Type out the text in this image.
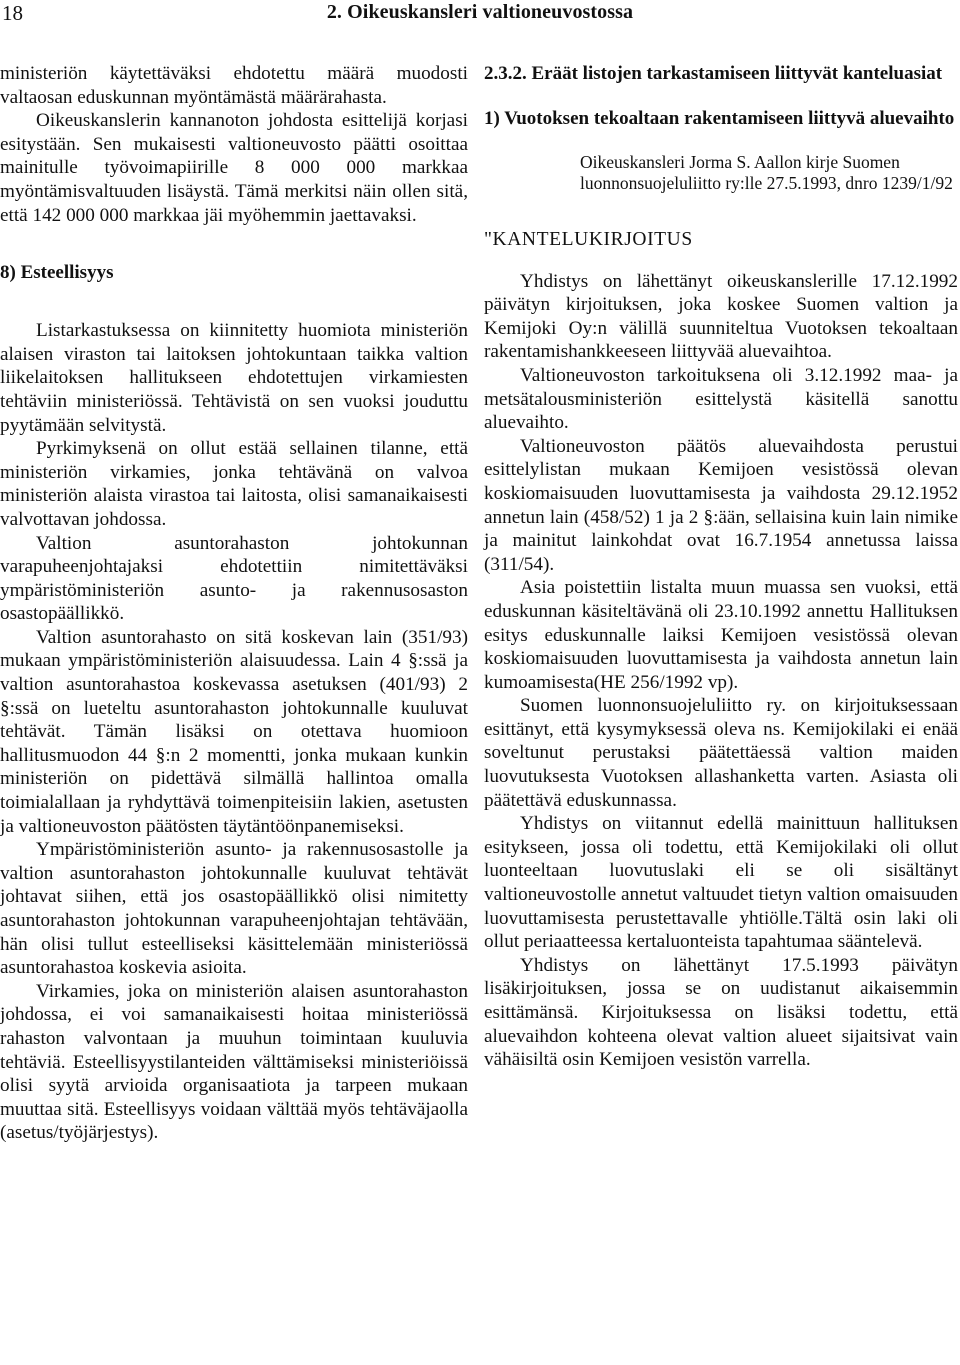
18	2. Oikeuskansleri valtioneuvostossa

ministeriön käytettäväksi ehdotettu määrä muodosti valtaosan eduskunnan myöntämästä määrärahasta.

Oikeuskanslerin kannanoton johdosta esittelijä korjasi esitystään. Sen mukaisesti valtioneuvosto päätti osoittaa mainitulle työvoimapiirille 8 000 000 markkaa myöntämisvaltuuden lisäystä. Tämä merkitsi näin ollen sitä, että 142 000 000 markkaa jäi myöhemmin jaettavaksi.

8) Esteellisyys

Listarkastuksessa on kiinnitetty huomiota ministeriön alaisen viraston tai laitoksen johtokuntaan taikka valtion liikelaitoksen hallitukseen ehdotettujen virkamiesten tehtäviin ministeriössä. Tehtävistä on sen vuoksi jouduttu pyytämään selvitystä.

Pyrkimyksenä on ollut estää sellainen tilanne, että ministeriön virkamies, jonka tehtävänä on valvoa ministeriön alaista virastoa tai laitosta, olisi samanaikaisesti valvottavan johdossa.

Valtion asuntorahaston johtokunnan varapuheenjohtajaksi ehdotettiin nimitettäväksi ympäristöministeriön asunto- ja rakennusosaston osastopäällikkö.

Valtion asuntorahasto on sitä koskevan lain (351/93) mukaan ympäristöministeriön alaisuudessa. Lain 4 §:ssä ja valtion asuntorahastoa koskevassa asetuksen (401/93) 2 §:ssä on lueteltu asuntorahaston johtokunnalle kuuluvat tehtävät. Tämän lisäksi on otettava huomioon hallitusmuodon 44 §:n 2 momentti, jonka mukaan kunkin ministeriön on pidettävä silmällä hallintoa omalla toimialallaan ja ryhdyttävä toimenpiteisiin lakien, asetusten ja valtioneuvoston päätösten täytäntöönpanemiseksi.

Ympäristöministeriön asunto- ja rakennusosastolle ja valtion asuntorahaston johtokunnalle kuuluvat tehtävät johtavat siihen, että jos osastopäällikkö olisi nimitetty asuntorahaston johtokunnan varapuheenjohtajan tehtävään, hän olisi tullut esteelliseksi käsittelemään ministeriössä asuntorahastoa koskevia asioita.

Virkamies, joka on ministeriön alaisen asuntorahaston johdossa, ei voi samanaikaisesti hoitaa ministeriössä rahaston valvontaan ja muuhun toimintaan kuuluvia tehtäviä. Esteellisyystilanteiden välttämiseksi ministeriöissä olisi syytä arvioida organisaatiota ja tarpeen mukaan muuttaa sitä. Esteellisyys voidaan välttää myös tehtäväjaolla (asetus/työjärjestys).

2.3.2. Eräät listojen tarkastamiseen liittyvät kanteluasiat

1) Vuotoksen tekoaltaan rakentamiseen liittyvä aluevaihto

Oikeuskansleri Jorma S. Aallon kirje Suomen luonnonsuojeluliitto ry:lle 27.5.1993, dnro 1239/1/92

"KANTELUKIRJOITUS

Yhdistys on lähettänyt oikeuskanslerille 17.12.1992 päivätyn kirjoituksen, joka koskee Suomen valtion ja Kemijoki Oy:n välillä suunniteltua Vuotoksen tekoaltaan rakentamishankkeeseen liittyvää aluevaihtoa.

Valtioneuvoston tarkoituksena oli 3.12.1992 maa- ja metsätalousministeriön esittelystä käsitellä sanottu aluevaihto.

Valtioneuvoston päätös aluevaihdosta perustui esittelylistan mukaan Kemijoen vesistössä olevan koskiomaisuuden luovuttamisesta ja vaihdosta 29.12.1952 annetun lain (458/52) 1 ja 2 §:ään, sellaisina kuin lain nimike ja mainitut lainkohdat ovat 16.7.1954 annetussa laissa (311/54).

Asia poistettiin listalta muun muassa sen vuoksi, että eduskunnan käsiteltävänä oli 23.10.1992 annettu Hallituksen esitys eduskunnalle laiksi Kemijoen vesistössä olevan koskiomaisuuden luovuttamisesta ja vaihdosta annetun lain kumoamisesta(HE 256/1992 vp).

Suomen luonnonsuojeluliitto ry. on kirjoituksessaan esittänyt, että kysymyksessä oleva ns. Kemijokilaki ei enää soveltunut perustaksi päätettäessä valtion maiden luovutuksesta Vuotoksen allashanketta varten. Asiasta oli päätettävä eduskunnassa.

Yhdistys on viitannut edellä mainittuun hallituksen esitykseen, jossa oli todettu, että Kemijokilaki oli ollut luonteeltaan luovutuslaki eli se oli sisältänyt valtioneuvostolle annetut valtuudet tietyn valtion omaisuuden luovuttamisesta perustettavalle yhtiölle.Tältä osin laki oli ollut periaatteessa kertaluonteista tapahtumaa sääntelevä.

Yhdistys on lähettänyt 17.5.1993 päivätyn lisäkirjoituksen, jossa se on uudistanut aikaisemmin esittämänsä. Kirjoituksessa on lisäksi todettu, että aluevaihdon kohteena olevat valtion alueet sijaitsivat vain vähäisiltä osin Kemijoen vesistön varrella.
